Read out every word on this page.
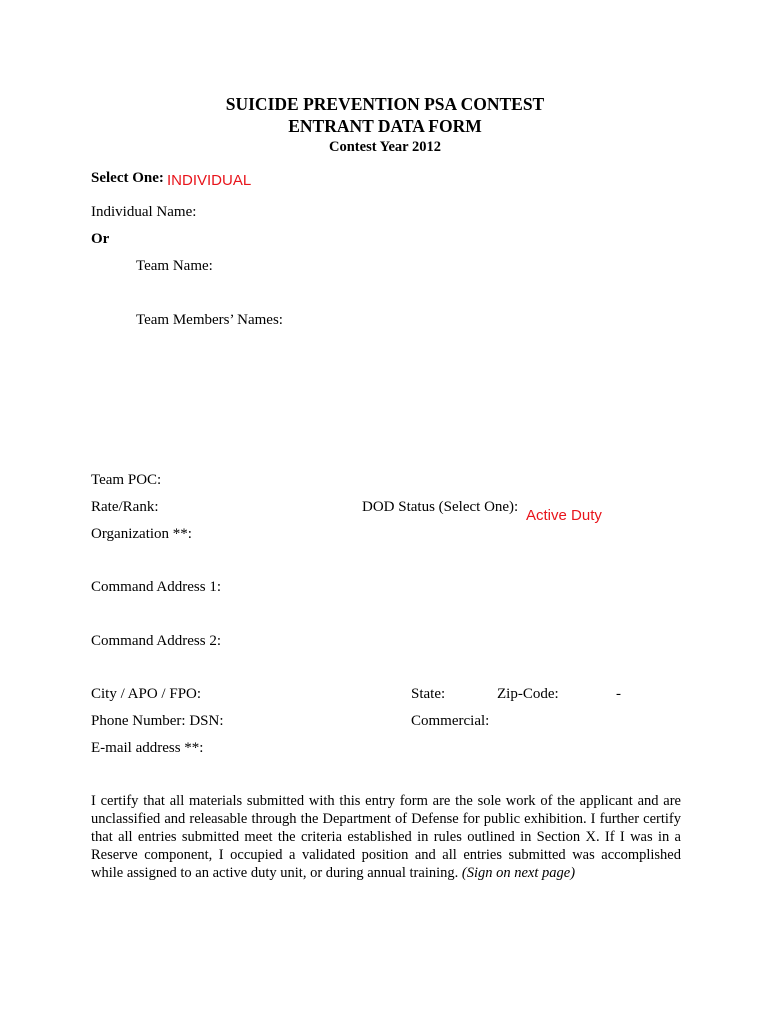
SUICIDE PREVENTION PSA CONTEST
ENTRANT DATA FORM
Contest Year 2012
Select One: INDIVIDUAL
Individual Name:
Or
Team Name:
Team Members’ Names:
Team POC:
Rate/Rank:	DOD Status (Select One): Active Duty
Organization **:
Command Address 1:
Command Address 2:
City / APO / FPO:	State:	Zip-Code:	-
Phone Number: DSN:	Commercial:
E-mail address **:
I certify that all materials submitted with this entry form are the sole work of the applicant and are unclassified and releasable through the Department of Defense for public exhibition. I further certify that all entries submitted meet the criteria established in rules outlined in Section X. If I was in a Reserve component, I occupied a validated position and all entries submitted was accomplished while assigned to an active duty unit, or during annual training. (Sign on next page)
